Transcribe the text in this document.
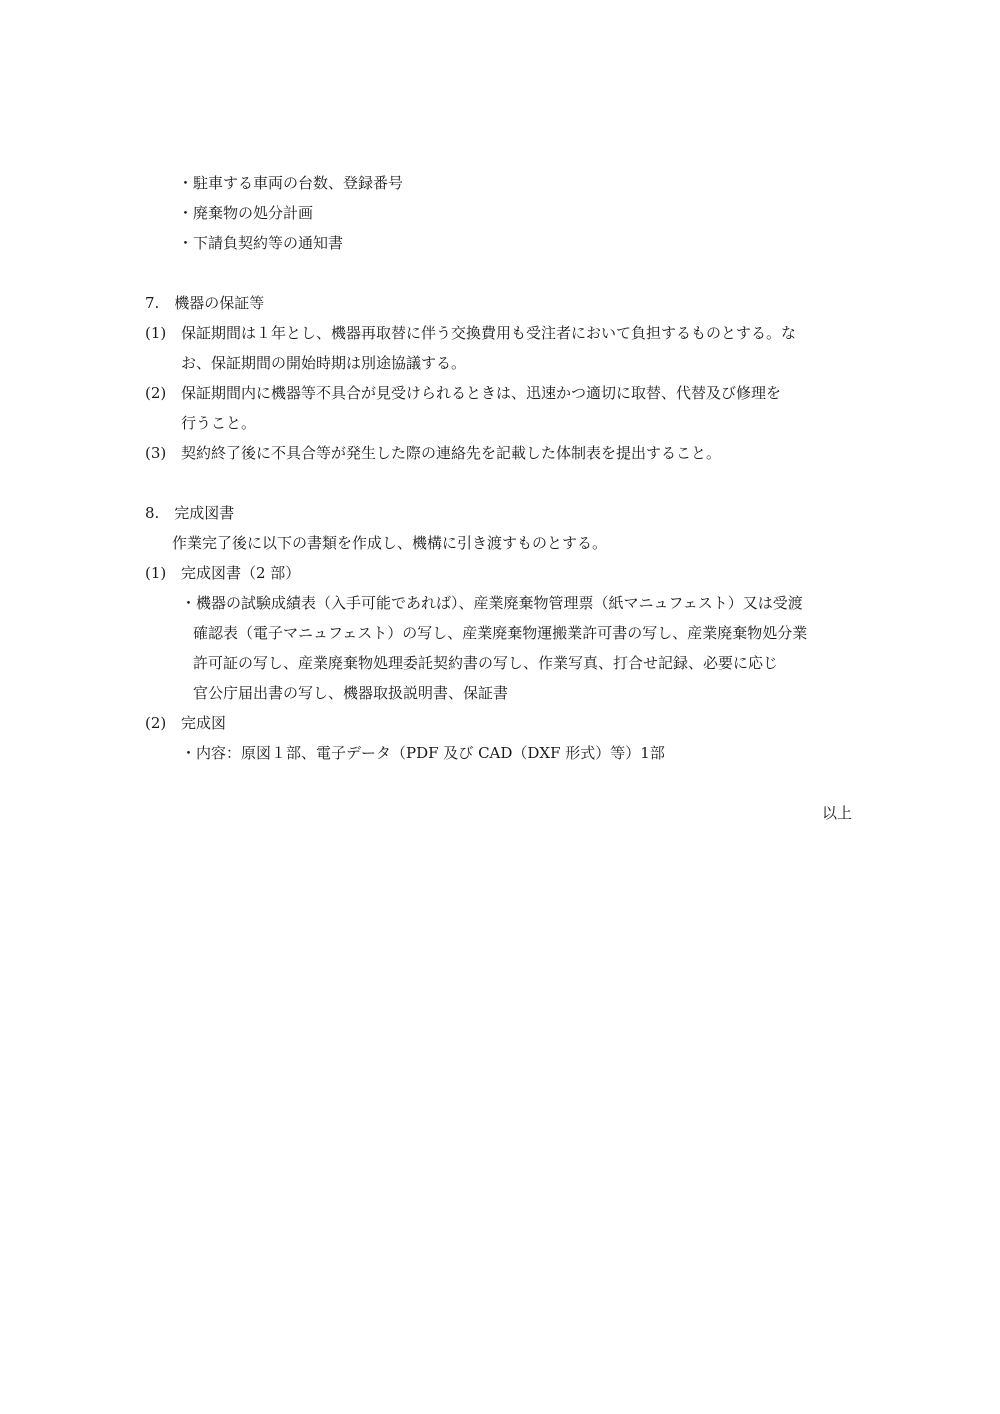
・駐車する車両の台数、登録番号
・廃棄物の処分計画
・下請負契約等の通知書
7.　機器の保証等
(1) 保証期間は１年とし、機器再取替に伴う交換費用も受注者において負担するものとする。な
お、保証期間の開始時期は別途協議する。
(2) 保証期間内に機器等不具合が見受けられるときは、迅速かつ適切に取替、代替及び修理を
行うこと。
(3) 契約終了後に不具合等が発生した際の連絡先を記載した体制表を提出すること。
8.　完成図書
作業完了後に以下の書類を作成し、機構に引き渡すものとする。
(1) 完成図書（2 部）
・機器の試験成績表（入手可能であれば）、産業廃棄物管理票（紙マニュフェスト）又は受渡
確認表（電子マニュフェスト）の写し、産業廃棄物運搬業許可書の写し、産業廃棄物処分業
許可証の写し、産業廃棄物処理委託契約書の写し、作業写真、打合せ記録、必要に応じ
官公庁届出書の写し、機器取扱説明書、保証書
(2) 完成図
・内容：原図１部、電子データ（PDF 及び CAD（DXF 形式）等）1部
以上
